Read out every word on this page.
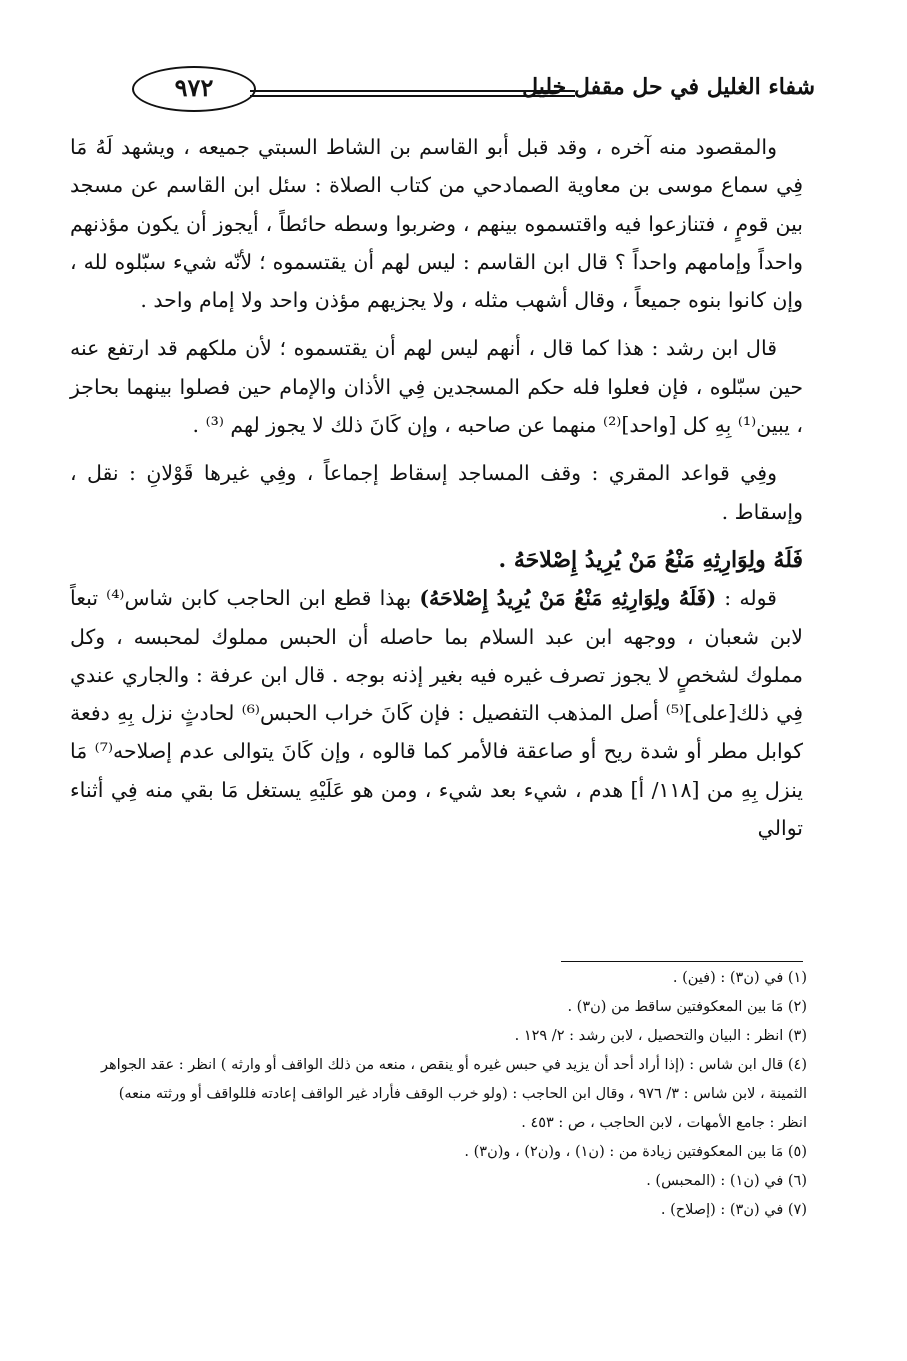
شفاء الغليل في حل مقفل خليل
٩٧٢

والمقصود منه آخره ، وقد قبل أبو القاسم بن الشاط السبتي جميعه ، ويشهد لَهُ مَا فِي سماع موسى بن معاوية الصمادحي من كتاب الصلاة : سئل ابن القاسم عن مسجد بين قومٍ ، فتنازعوا فيه واقتسموه بينهم ، وضربوا وسطه حائطاً ، أيجوز أن يكون مؤذنهم واحداً وإمامهم واحداً ؟ قال ابن القاسم : ليس لهم أن يقتسموه ؛ لأنّه شيء سبّلوه لله ، وإن كانوا بنوه جميعاً ، وقال أشهب مثله ، ولا يجزيهم مؤذن واحد ولا إمام واحد .

قال ابن رشد : هذا كما قال ، أنهم ليس لهم أن يقتسموه ؛ لأن ملكهم قد ارتفع عنه حين سبّلوه ، فإن فعلوا فله حكم المسجدين فِي الأذان والإمام حين فصلوا بينهما بحاجز ، يبين⁽¹⁾ بِهِ كل [واحد]⁽²⁾ منهما عن صاحبه ، وإن كَانَ ذلك لا يجوز لهم ⁽³⁾ .

وفِي قواعد المقري : وقف المساجد إسقاط إجماعاً ، وفِي غيرها قَوْلانِ : نقل ، وإسقاط .

فَلَهُ ولِوَارِثِهِ مَنْعُ مَنْ يُرِيدُ إِصْلاحَهُ .

قوله : (فَلَهُ ولِوَارِثِهِ مَنْعُ مَنْ يُرِيدُ إِصْلاحَهُ) بهذا قطع ابن الحاجب كابن شاس⁽⁴⁾ تبعاً لابن شعبان ، ووجهه ابن عبد السلام بما حاصله أن الحبس مملوك لمحبسه ، وكل مملوك لشخصٍ لا يجوز تصرف غيره فيه بغير إذنه بوجه . قال ابن عرفة : والجاري عندي فِي ذلك[على]⁽⁵⁾ أصل المذهب التفصيل : فإن كَانَ خراب الحبس⁽⁶⁾ لحادثٍ نزل بِهِ دفعة كوابل مطر أو شدة ريح أو صاعقة فالأمر كما قالوه ، وإن كَانَ يتوالى عدم إصلاحه⁽⁷⁾ مَا ينزل بِهِ من [١١٨/ أ] هدم ، شيء بعد شيء ، ومن هو عَلَيْهِ يستغل مَا بقي منه فِي أثناء توالي

(١) في (ن٣) : (فين) .

(٢) مَا بين المعكوفتين ساقط من (ن٣) .

(٣) انظر : البيان والتحصيل ، لابن رشد : ٢/ ١٢٩ .

(٤) قال ابن شاس : (إذا أراد أحد أن يزيد في حبس غيره أو ينقص ، منعه من ذلك الواقف أو وارثه ) انظر : عقد الجواهر الثمينة ، لابن شاس : ٣/ ٩٧٦ ، وقال ابن الحاجب : (ولو خرب الوقف فأراد غير الواقف إعادته فللواقف أو ورثته منعه) انظر : جامع الأمهات ، لابن الحاجب ، ص : ٤٥٣ .

(٥) مَا بين المعكوفتين زيادة من : (ن١) ، و(ن٢) ، و(ن٣) .

(٦) في (ن١) : (المحبس) .

(٧) في (ن٣) : (إصلاح) .
